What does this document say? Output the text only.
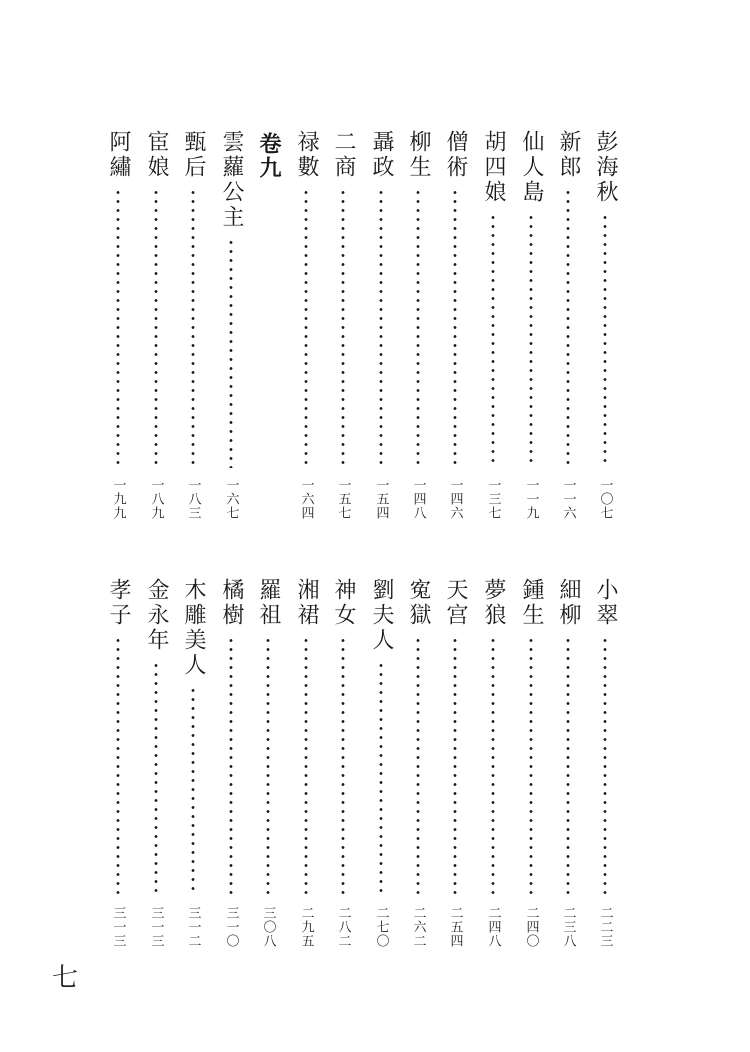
卷九	彭海秋
一〇七
新郎
一一六
仙人島
一一九
胡四娘
一三七
僧術
一四六
柳生
一四八
聶政
一五四
二商
一五七
禄數
一六四
雲蘿公主
一六七
甄后
一八三
宦娘
一八九
阿繡
一九九
小翠
二二三
細柳
二三八
鍾生
二四〇
夢狼
二四八
天宫
二五四
寃獄
二六二
劉夫人
二七〇
神女
二八二
湘裙
二九五
羅祖
三〇八
橘樹
三一〇
木雕美人
三一二
金永年
三一三
孝子
三一三
七
